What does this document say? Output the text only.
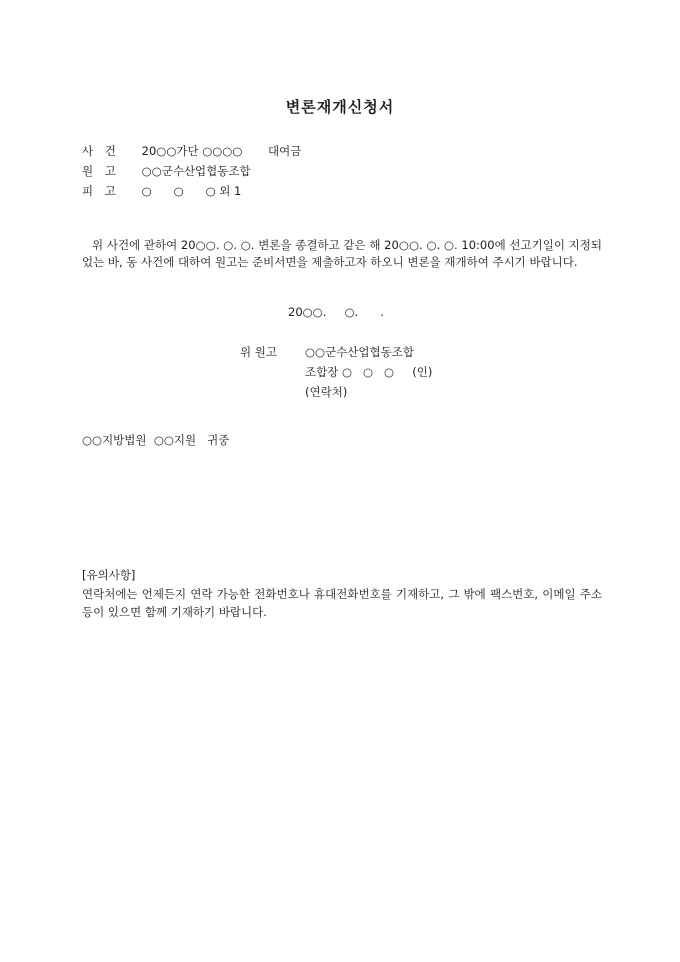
변론재개신청서
사 건 20○○가단 ○○○○ 대여금
원 고 ○○군수산업협동조합
피 고 ○      ○      ○ 외 1
위 사건에 관하여 20○○. ○. ○. 변론을 종결하고 같은 해 20○○. ○. ○. 10:00에 선고기일이 지정되었는 바, 동 사건에 대하여 원고는 준비서면을 제출하고자 하오니 변론을 재개하여 주시기 바랍니다.
20○○.     ○.      .
위 원고 ○○군수산업협동조합
조합장 ○   ○   ○     (인)
(연락처)
○○지방법원  ○○지원   귀중
[유의사항]
연락처에는 언제든지 연락 가능한 전화번호나 휴대전화번호를 기재하고, 그 밖에 팩스번호, 이메일 주소 등이 있으면 함께 기재하기 바랍니다.
